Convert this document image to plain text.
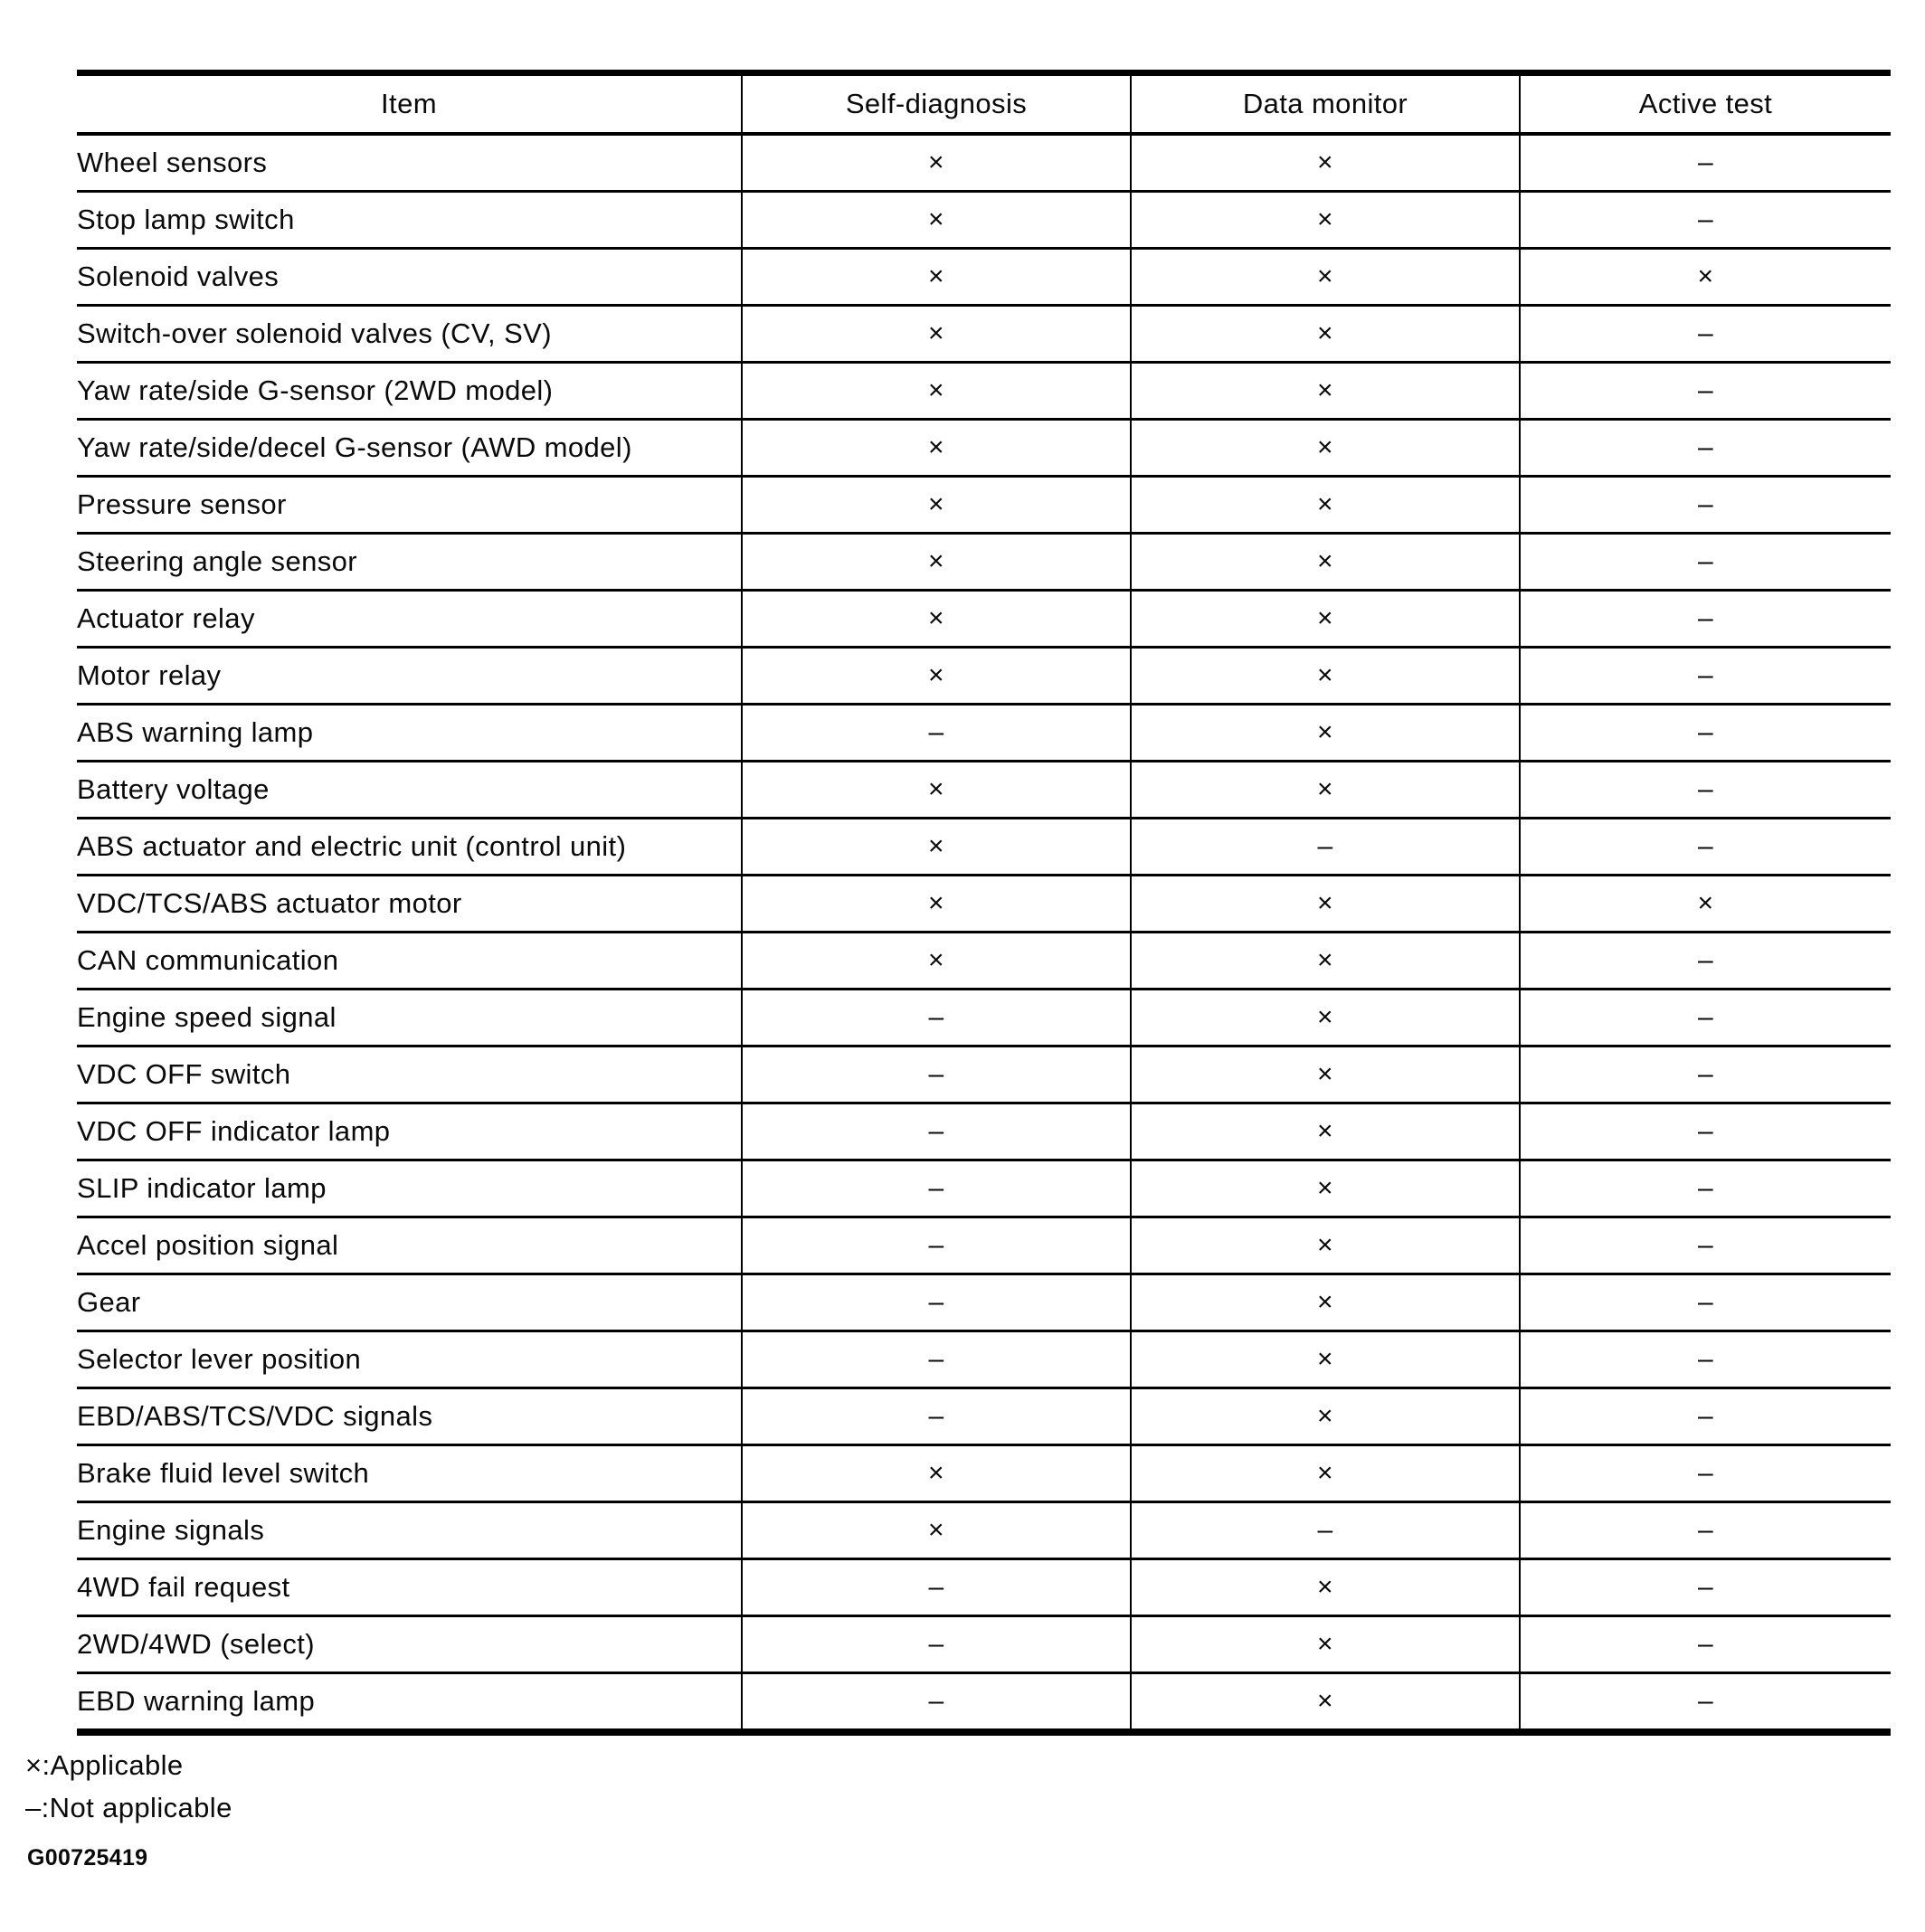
Item	Self-diagnosis	Data monitor	Active test
Wheel sensors	×	×	–
Stop lamp switch	×	×	–
Solenoid valves	×	×	×
Switch-over solenoid valves (CV, SV)	×	×	–
Yaw rate/side G-sensor (2WD model)	×	×	–
Yaw rate/side/decel G-sensor (AWD model)	×	×	–
Pressure sensor	×	×	–
Steering angle sensor	×	×	–
Actuator relay	×	×	–
Motor relay	×	×	–
ABS warning lamp	–	×	–
Battery voltage	×	×	–
ABS actuator and electric unit (control unit)	×	–	–
VDC/TCS/ABS actuator motor	×	×	×
CAN communication	×	×	–
Engine speed signal	–	×	–
VDC OFF switch	–	×	–
VDC OFF indicator lamp	–	×	–
SLIP indicator lamp	–	×	–
Accel position signal	–	×	–
Gear	–	×	–
Selector lever position	–	×	–
EBD/ABS/TCS/VDC signals	–	×	–
Brake fluid level switch	×	×	–
Engine signals	×	–	–
4WD fail request	–	×	–
2WD/4WD (select)	–	×	–
EBD warning lamp	–	×	–
×:Applicable
–:Not applicable
G00725419
